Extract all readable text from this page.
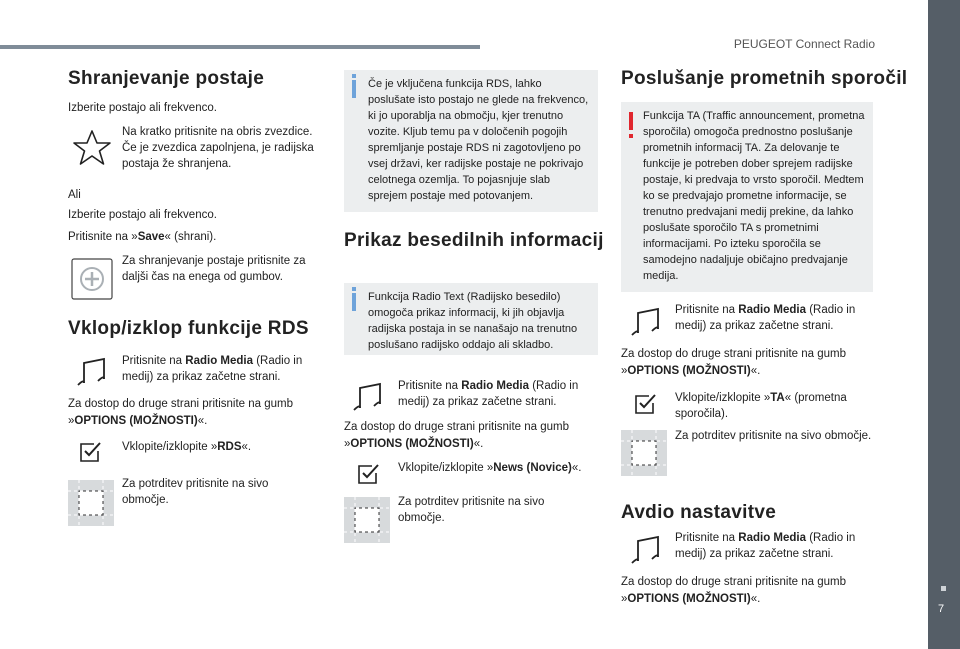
PEUGEOT Connect Radio
7
Shranjevanje postaje

Izberite postajo ali frekvenco.

Na kratko pritisnite na obris zvezdice. Če je zvezdica zapolnjena, je radijska postaja že shranjena.

Ali

Izberite postajo ali frekvenco.

Pritisnite na »Save« (shrani).

Za shranjevanje postaje pritisnite za daljši čas na enega od gumbov.
Vklop/izklop funkcije RDS
Pritisnite na Radio Media (Radio in medij) za prikaz začetne strani.

Za dostop do druge strani pritisnite na gumb »OPTIONS (MOŽNOSTI)«.

Vklopite/izklopite »RDS«.
Za potrditev pritisnite na sivo območje.
Če je vključena funkcija RDS, lahko poslušate isto postajo ne glede na frekvenco, ki jo uporablja na območju, kjer trenutno vozite. Kljub temu pa v določenih pogojih spremljanje postaje RDS ni zagotovljeno po vsej državi, ker radijske postaje ne pokrivajo celotnega ozemlja. To pojasnjuje slab sprejem postaje med potovanjem.
Prikaz besedilnih informacij
Funkcija Radio Text (Radijsko besedilo) omogoča prikaz informacij, ki jih objavlja radijska postaja in se nanašajo na trenutno poslušano radijsko oddajo ali skladbo.
Pritisnite na Radio Media (Radio in medij) za prikaz začetne strani.

Za dostop do druge strani pritisnite na gumb »OPTIONS (MOŽNOSTI)«.

Vklopite/izklopite »News (Novice)«.
Za potrditev pritisnite na sivo območje.
Poslušanje prometnih sporočil
Funkcija TA (Traffic announcement, prometna sporočila) omogoča prednostno poslušanje prometnih informacij TA. Za delovanje te funkcije je potreben dober sprejem radijske postaje, ki predvaja to vrsto sporočil. Medtem ko se predvajajo prometne informacije, se trenutno predvajani medij prekine, da lahko poslušate sporočilo TA s prometnimi informacijami. Po izteku sporočila se samodejno nadaljuje običajno predvajanje medija.
Pritisnite na Radio Media (Radio in medij) za prikaz začetne strani.

Za dostop do druge strani pritisnite na gumb »OPTIONS (MOŽNOSTI)«.

Vklopite/izklopite »TA« (prometna sporočila).
Za potrditev pritisnite na sivo območje.
Avdio nastavitve
Pritisnite na Radio Media (Radio in medij) za prikaz začetne strani.

Za dostop do druge strani pritisnite na gumb »OPTIONS (MOŽNOSTI)«.
